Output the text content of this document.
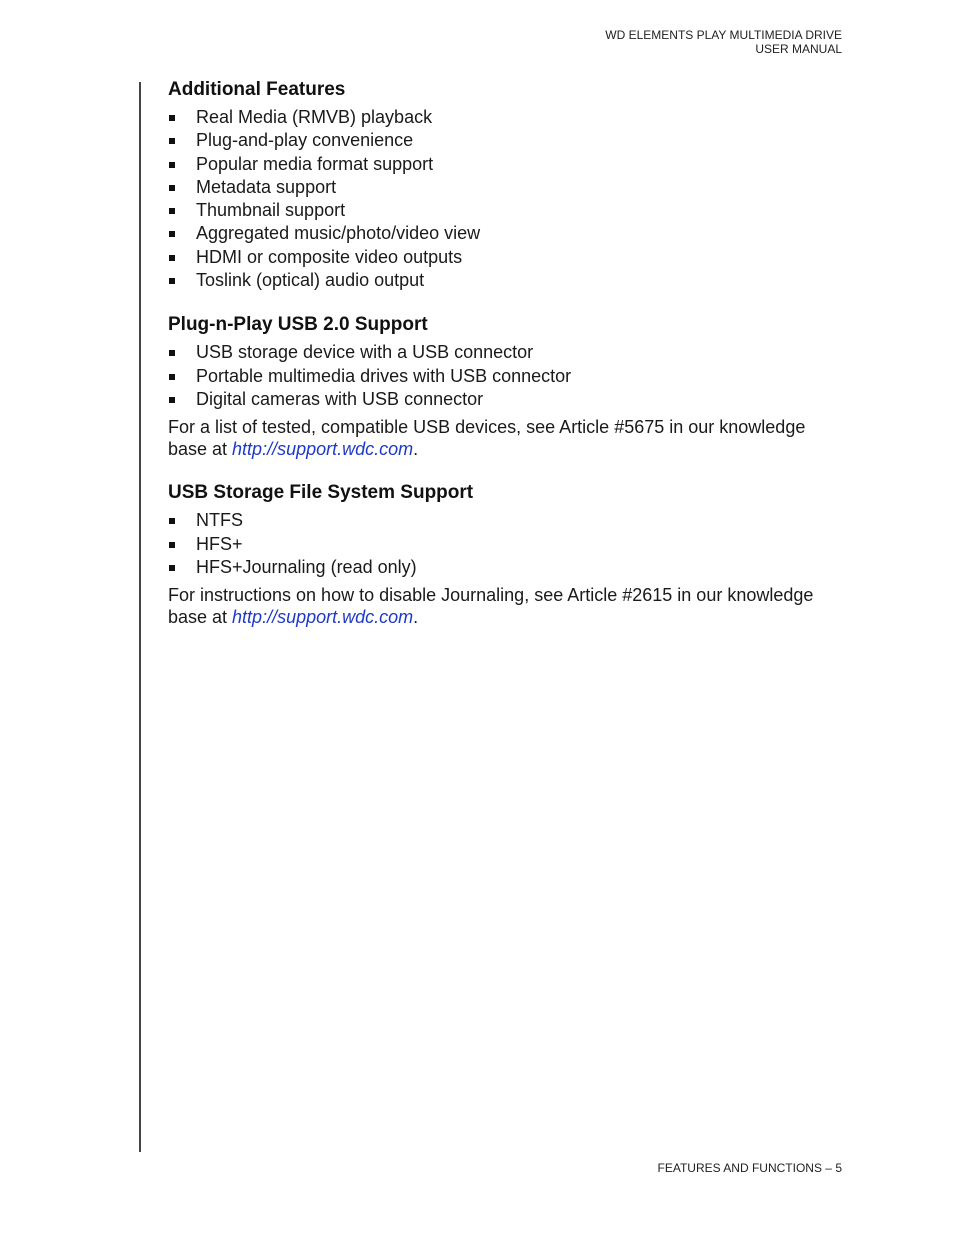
WD ELEMENTS PLAY MULTIMEDIA DRIVE
USER MANUAL
Additional Features
Real Media (RMVB) playback
Plug-and-play convenience
Popular media format support
Metadata support
Thumbnail support
Aggregated music/photo/video view
HDMI or composite video outputs
Toslink (optical) audio output
Plug-n-Play USB 2.0 Support
USB storage device with a USB connector
Portable multimedia drives with USB connector
Digital cameras with USB connector

For a list of tested, compatible USB devices, see Article #5675 in our knowledge base at http://support.wdc.com.

USB Storage File System Support
NTFS
HFS+
HFS+Journaling (read only)

For instructions on how to disable Journaling, see Article #2615 in our knowledge base at http://support.wdc.com.

FEATURES AND FUNCTIONS – 5
